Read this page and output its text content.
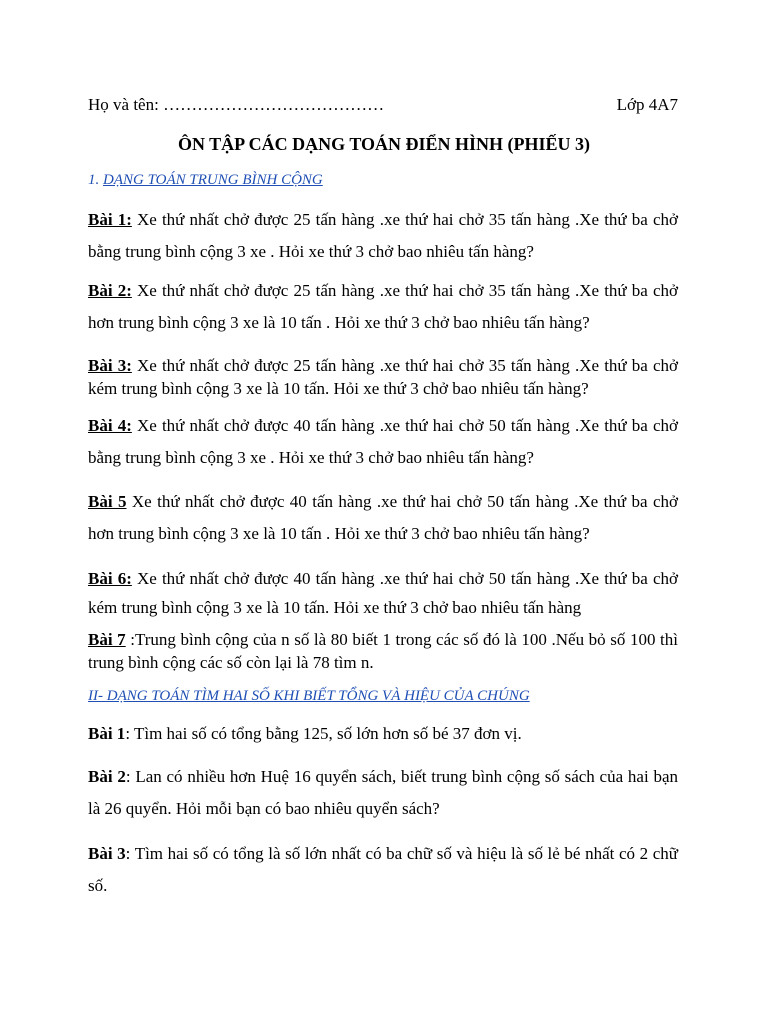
Họ và tên: …………………………………	Lớp 4A7
ÔN TẬP CÁC DẠNG TOÁN ĐIỂN HÌNH (PHIẾU 3)
1. DẠNG TOÁN TRUNG BÌNH CỘNG
Bài 1: Xe thứ nhất chở được 25 tấn hàng .xe thứ hai chở 35 tấn hàng .Xe thứ ba chở bằng trung bình cộng 3 xe . Hỏi xe thứ 3 chở bao nhiêu tấn hàng?
Bài 2: Xe thứ nhất chở được 25 tấn hàng .xe thứ hai chở 35 tấn hàng .Xe thứ ba chở hơn trung bình cộng 3 xe là 10 tấn . Hỏi xe thứ 3 chở bao nhiêu tấn hàng?
Bài 3: Xe thứ nhất chở được 25 tấn hàng .xe thứ hai chở 35 tấn hàng .Xe thứ ba chở kém trung bình cộng 3 xe là 10 tấn. Hỏi xe thứ 3 chở bao nhiêu tấn hàng?
Bài 4: Xe thứ nhất chở được 40 tấn hàng .xe thứ hai chở 50 tấn hàng .Xe thứ ba chở bằng trung bình cộng 3 xe . Hỏi xe thứ 3 chở bao nhiêu tấn hàng?
Bài 5 Xe thứ nhất chở được 40 tấn hàng .xe thứ hai chở 50 tấn hàng .Xe thứ ba chở hơn trung bình cộng 3 xe là 10 tấn . Hỏi xe thứ 3 chở bao nhiêu tấn hàng?
Bài 6: Xe thứ nhất chở được 40 tấn hàng .xe thứ hai chở 50 tấn hàng .Xe thứ ba chở kém trung bình cộng 3 xe là 10 tấn. Hỏi xe thứ 3 chở bao nhiêu tấn hàng
Bài 7 :Trung bình cộng của n số là 80 biết 1 trong các số đó là 100 .Nếu bỏ số 100 thì trung bình cộng các số còn lại là 78 tìm n.
II- DẠNG TOÁN TÌM HAI SỐ KHI BIẾT TỔNG VÀ HIỆU CỦA CHÚNG
Bài 1: Tìm hai số có tổng bằng 125, số lớn hơn số bé 37 đơn vị.
Bài 2: Lan có nhiều hơn Huệ 16 quyển sách, biết trung bình cộng số sách của hai bạn là 26 quyển. Hỏi mỗi bạn có bao nhiêu quyển sách?
Bài 3: Tìm hai số có tổng là số lớn nhất có ba chữ số và hiệu là số lẻ bé nhất có 2 chữ số.
